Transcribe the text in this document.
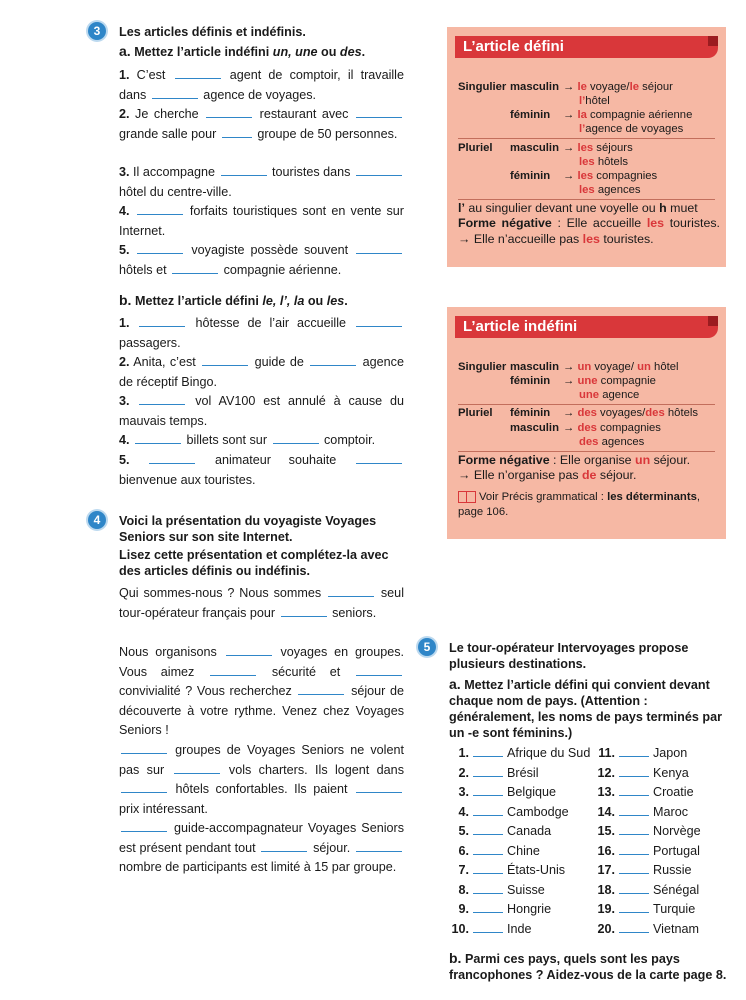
3	Les articles définis et indéfinis.
a. Mettez l’article indéfini un, une ou des.
1. C’est	agent de comptoir, il travaille dans	agence de voyages.
2. Je cherche	restaurant avec  grande salle pour	groupe de 50 personnes.
3. Il accompagne	touristes dans  hôtel du centre-ville.
4.	forfaits touristiques sont en vente sur Internet.
5.	voyagiste possède souvent  hôtels et	compagnie aérienne.
b. Mettez l’article défini le, l’, la ou les.
1.	hôtesse de l’air accueille  passagers.
2. Anita, c’est	guide de	agence de réceptif Bingo.
3.	vol AV100 est annulé à cause du mauvais temps.
4.	billets sont sur	comptoir.
5.	animateur souhaite  bienvenue aux touristes.
4	Voici la présentation du voyagiste Voyages Seniors sur son site Internet.
Lisez cette présentation et complétez-la avec des articles définis ou indéfinis.
Qui sommes-nous ? Nous sommes	seul tour-opérateur français pour	seniors.
Nous organisons	voyages en groupes. Vous aimez	sécurité et  convivialité ? Vous recherchez	séjour de découverte à votre rythme. Venez chez Voyages Seniors !
groupes de Voyages Seniors ne volent pas sur	vols charters. Ils logent dans  hôtels confortables. Ils paient  prix intéressant.
guide-accompagnateur Voyages Seniors est présent pendant tout	séjour.  nombre de participants est limité à 15 par groupe.
L’article défini
Singulier masculin → le voyage/le séjour
l’hôtel
féminin → la compagnie aérienne
l’agence de voyages
Pluriel masculin → les séjours
les hôtels
féminin → les compagnies
les agences
l’ au singulier devant une voyelle ou h muet
Forme négative : Elle accueille les touristes. → Elle n’accueille pas les touristes.
L’article indéfini
Singulier masculin → un voyage/ un hôtel
féminin → une compagnie
une agence
Pluriel féminin → des voyages/des hôtels
masculin → des compagnies
des agences
Forme négative : Elle organise un séjour.
→ Elle n’organise pas de séjour.
Voir Précis grammatical : les déterminants, page 106.
5	Le tour-opérateur Intervoyages propose plusieurs destinations.
a. Mettez l’article défini qui convient devant chaque nom de pays. (Attention : généralement, les noms de pays terminés par un -e sont féminins.)
1.	Afrique du Sud
2.	Brésil
3.	Belgique
4.	Cambodge
5.	Canada
6.	Chine
7.	États-Unis
8.	Suisse
9.	Hongrie
10.	Inde
11.	Japon
12.	Kenya
13.	Croatie
14.	Maroc
15.	Norvège
16.	Portugal
17.	Russie
18.	Sénégal
19.	Turquie
20.	Vietnam
b. Parmi ces pays, quels sont les pays francophones ? Aidez-vous de la carte page 8.
